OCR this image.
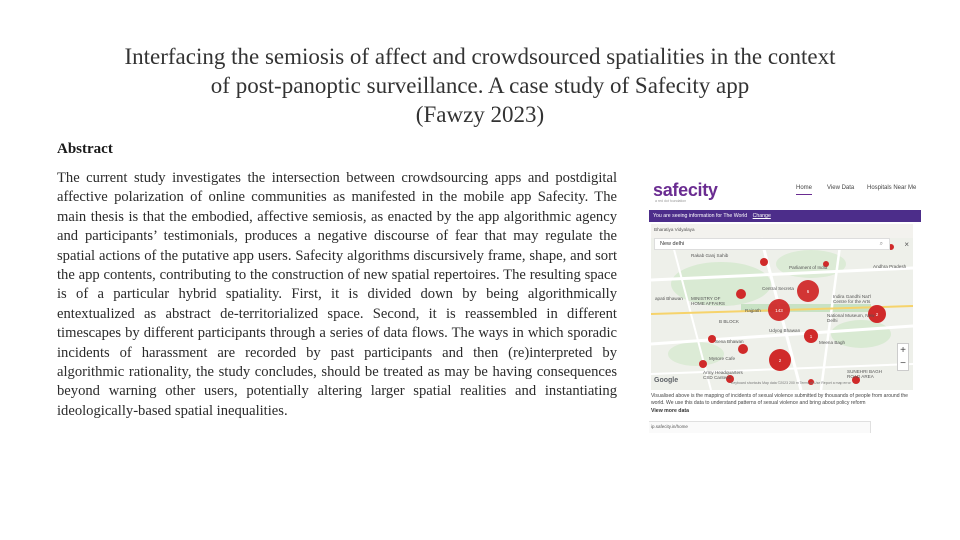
Interfacing the semiosis of affect and crowdsourced spatialities in the context
of post-panoptic surveillance. A case study of Safecity app
(Fawzy 2023)
Abstract
The current study investigates the intersection between crowdsourcing apps and postdigital affective polarization of online communities as manifested in the mobile app Safecity. The main thesis is that the embodied, affective semiosis, as enacted by the app algorithmic agency and participants’ testimonials, produces a negative discourse of fear that may regulate the spatial actions of the putative app users. Safecity algorithms discursively frame, shape, and sort the app contents, contributing to the construction of new spatial repertoires. The resulting space is of a particular hybrid spatiality. First, it is divided down by being algorithmically entextualized as abstract de-territorialized space. Second, it is reassembled in different timescapes by different participants through a series of data flows. The ways in which sporadic incidents of harassment are recorded by past participants and then (re)interpreted by algorithmic rationality, the study concludes, should be treated as may be having consequences beyond warning other users, potentially altering larger spatial realities and instantiating ideologically-based spatial inequalities.
safecity
a red dot foundation
Home View Data Hospitals Near Me
You are seeing information for The World Change
6
143
1
2
2
Bharatiya Vidyalaya
New delhi	⌕	×
Rakab Ganj Sahib
Parliament of India	Andhra Pradesh
Central Secreta
apati Bhawan MINISTRY OF HOME AFFAIRS
Rajpath
Indira Gandhi Nat'l Centre for the Arts
National Museum, New Delhi
B BLOCK
Udyog Bhawan
Sena Bhawan	Meena Bagh
Mysore Cafe
Army Headquarters CSD Canteen
SUNEHRI BAGH ROAD AREA
+
−
Google	Keyboard shortcuts Map data ©2023 200 m Terms of Use Report a map error
Visualised above is the mapping of incidents of sexual violence submitted by thousands of people from around the world. We use this data to understand patterns of sexual violence and bring about policy reform
View more data
ip.safecity.in/home
